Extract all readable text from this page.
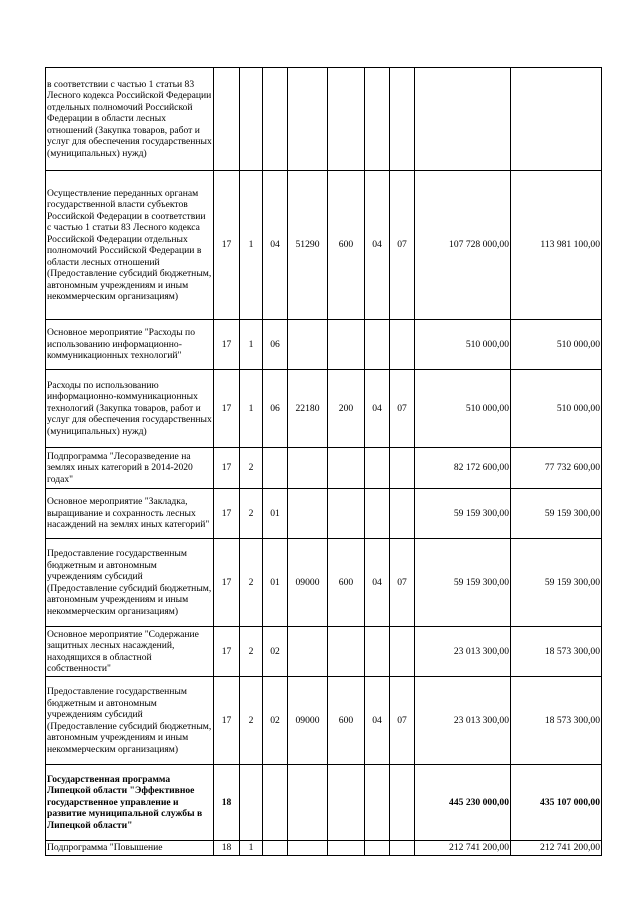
в соответствии с частью 1 статьи 83 Лесного кодекса Российской Федерации отдельных полномочий Российской Федерации в области лесных отношений (Закупка товаров, работ и услуг для обеспечения государственных (муниципальных) нужд)									
Осуществление переданных органам государственной власти субъектов Российской Федерации в соответствии с частью 1 статьи 83 Лесного кодекса Российской Федерации отдельных полномочий Российской Федерации в области лесных отношений (Предоставление субсидий бюджетным, автономным учреждениям и иным некоммерческим организациям)	17	1	04	51290	600	04	07	107 728 000,00	113 981 100,00
Основное мероприятие "Расходы по использованию информационно-коммуникационных технологий"	17	1	06					510 000,00	510 000,00
Расходы по использованию информационно-коммуникационных технологий (Закупка товаров, работ и услуг для обеспечения государственных (муниципальных) нужд)	17	1	06	22180	200	04	07	510 000,00	510 000,00
Подпрограмма "Лесоразведение на землях иных категорий в 2014-2020 годах"	17	2						82 172 600,00	77 732 600,00
Основное мероприятие "Закладка, выращивание и сохранность лесных насаждений на землях иных категорий"	17	2	01					59 159 300,00	59 159 300,00
Предоставление государственным бюджетным и автономным учреждениям субсидий (Предоставление субсидий бюджетным, автономным учреждениям и иным некоммерческим организациям)	17	2	01	09000	600	04	07	59 159 300,00	59 159 300,00
Основное мероприятие "Содержание защитных лесных насаждений, находящихся в областной собственности"	17	2	02					23 013 300,00	18 573 300,00
Предоставление государственным бюджетным и автономным учреждениям субсидий (Предоставление субсидий бюджетным, автономным учреждениям и иным некоммерческим организациям)	17	2	02	09000	600	04	07	23 013 300,00	18 573 300,00
Государственная программа Липецкой области "Эффективное государственное управление и развитие муниципальной службы в Липецкой области"	18							445 230 000,00	435 107 000,00
Подпрограмма "Повышение	18	1						212 741 200,00	212 741 200,00
